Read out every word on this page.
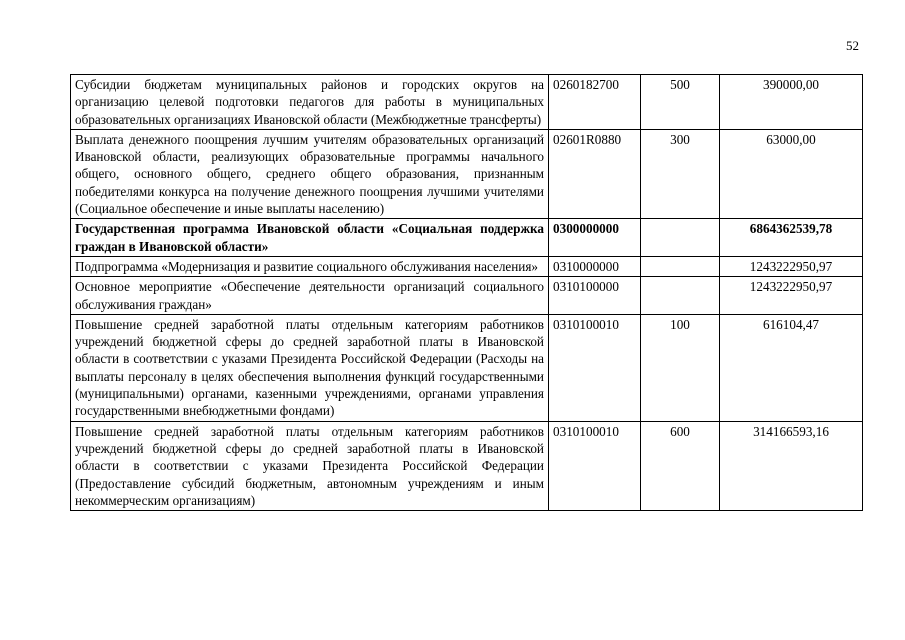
52
Субсидии бюджетам муниципальных районов и городских округов на организацию целевой подготовки педагогов для работы в муниципальных образовательных организациях Ивановской области (Межбюджетные трансферты)	0260182700	500	390000,00
Выплата денежного поощрения лучшим учителям образовательных организаций Ивановской области, реализующих образовательные программы начального общего, основного общего, среднего общего образования, признанным победителями конкурса на получение денежного поощрения лучшими учителями (Социальное обеспечение и иные выплаты населению)	02601R0880	300	63000,00
Государственная программа Ивановской области «Социальная поддержка граждан в Ивановской области»	0300000000		6864362539,78
Подпрограмма «Модернизация и развитие социального обслуживания населения»	0310000000		1243222950,97
Основное мероприятие «Обеспечение деятельности организаций социального обслуживания граждан»	0310100000		1243222950,97
Повышение средней заработной платы отдельным категориям работников учреждений бюджетной сферы до средней заработной платы в Ивановской области в соответствии с указами Президента Российской Федерации (Расходы на выплаты персоналу в целях обеспечения выполнения функций государственными (муниципальными) органами, казенными учреждениями, органами управления государственными внебюджетными фондами)	0310100010	100	616104,47
Повышение средней заработной платы отдельным категориям работников учреждений бюджетной сферы до средней заработной платы в Ивановской области в соответствии с указами Президента Российской Федерации (Предоставление субсидий бюджетным, автономным учреждениям и иным некоммерческим организациям)	0310100010	600	314166593,16
